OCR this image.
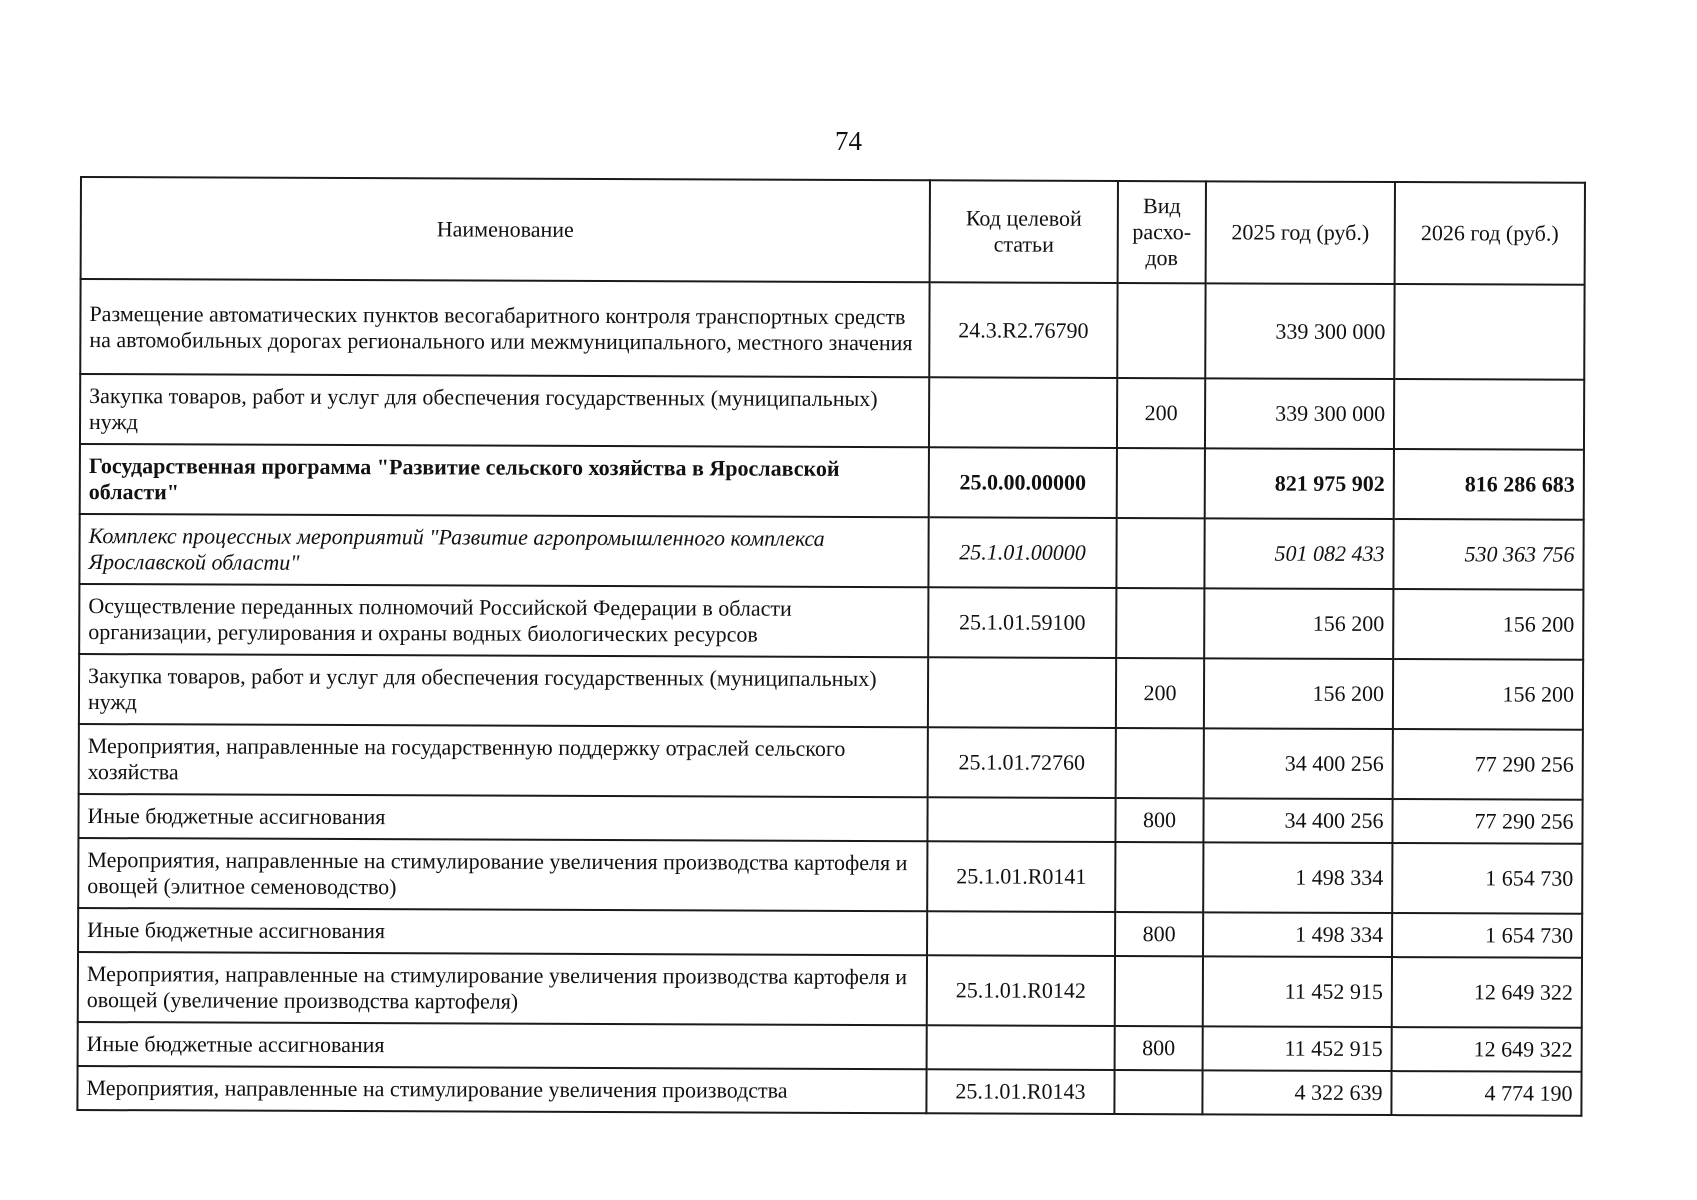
74
Наименование	Код целевой статьи	Вид расхо-дов	2025 год (руб.)	2026 год (руб.)
Размещение автоматических пунктов весогабаритного контроля транспортных средств на автомобильных дорогах регионального или межмуниципального, местного значения	24.3.R2.76790		339 300 000	
Закупка товаров, работ и услуг для обеспечения государственных (муниципальных) нужд		200	339 300 000	
Государственная программа "Развитие сельского хозяйства в Ярославской области"	25.0.00.00000		821 975 902	816 286 683
Комплекс процессных мероприятий "Развитие агропромышленного комплекса Ярославской области"	25.1.01.00000		501 082 433	530 363 756
Осуществление переданных полномочий Российской Федерации в области организации, регулирования и охраны водных биологических ресурсов	25.1.01.59100		156 200	156 200
Закупка товаров, работ и услуг для обеспечения государственных (муниципальных) нужд		200	156 200	156 200
Мероприятия, направленные на государственную поддержку отраслей сельского хозяйства	25.1.01.72760		34 400 256	77 290 256
Иные бюджетные ассигнования		800	34 400 256	77 290 256
Мероприятия, направленные на стимулирование увеличения производства картофеля и овощей (элитное семеноводство)	25.1.01.R0141		1 498 334	1 654 730
Иные бюджетные ассигнования		800	1 498 334	1 654 730
Мероприятия, направленные на стимулирование увеличения производства картофеля и овощей (увеличение производства картофеля)	25.1.01.R0142		11 452 915	12 649 322
Иные бюджетные ассигнования		800	11 452 915	12 649 322
Мероприятия, направленные на стимулирование увеличения производства	25.1.01.R0143		4 322 639	4 774 190
